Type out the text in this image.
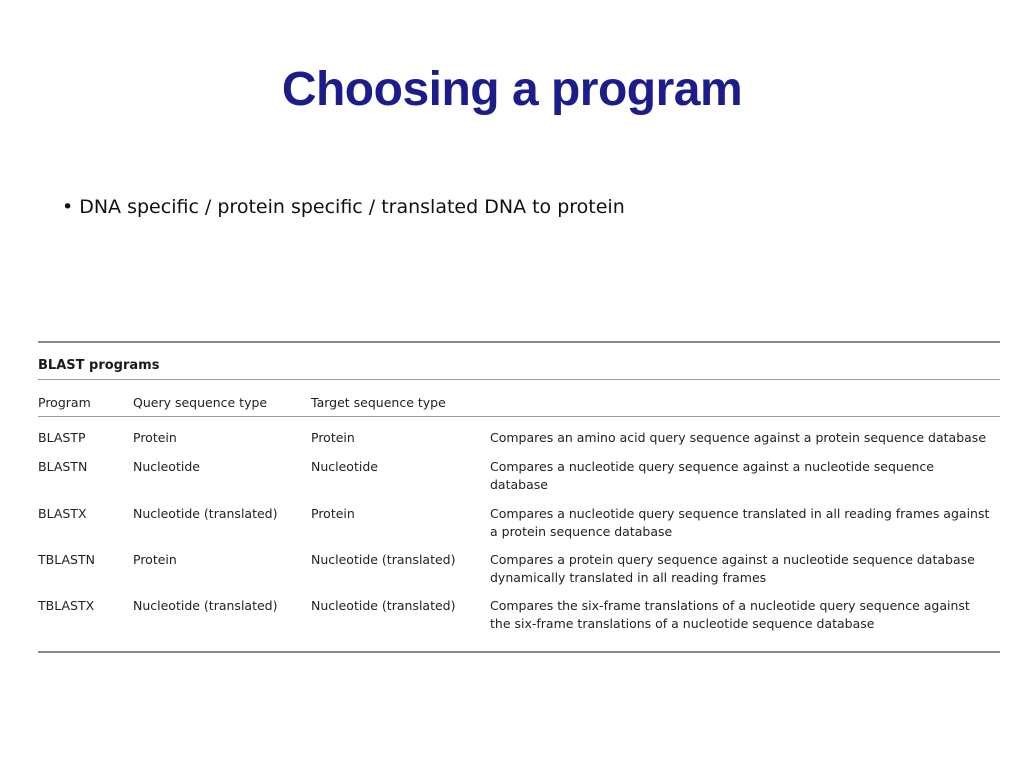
Choosing a program
• DNA specific / protein specific / translated DNA to protein
BLAST programs
Program	Query sequence type	Target sequence type
BLASTP	Protein	Protein	Compares an amino acid query sequence against a protein sequence database
BLASTN	Nucleotide	Nucleotide	Compares a nucleotide query sequence against a nucleotide sequence database
BLASTX	Nucleotide (translated)	Protein	Compares a nucleotide query sequence translated in all reading frames against a protein sequence database
TBLASTN	Protein	Nucleotide (translated)	Compares a protein query sequence against a nucleotide sequence database dynamically translated in all reading frames
TBLASTX	Nucleotide (translated)	Nucleotide (translated)	Compares the six-frame translations of a nucleotide query sequence against the six-frame translations of a nucleotide sequence database
